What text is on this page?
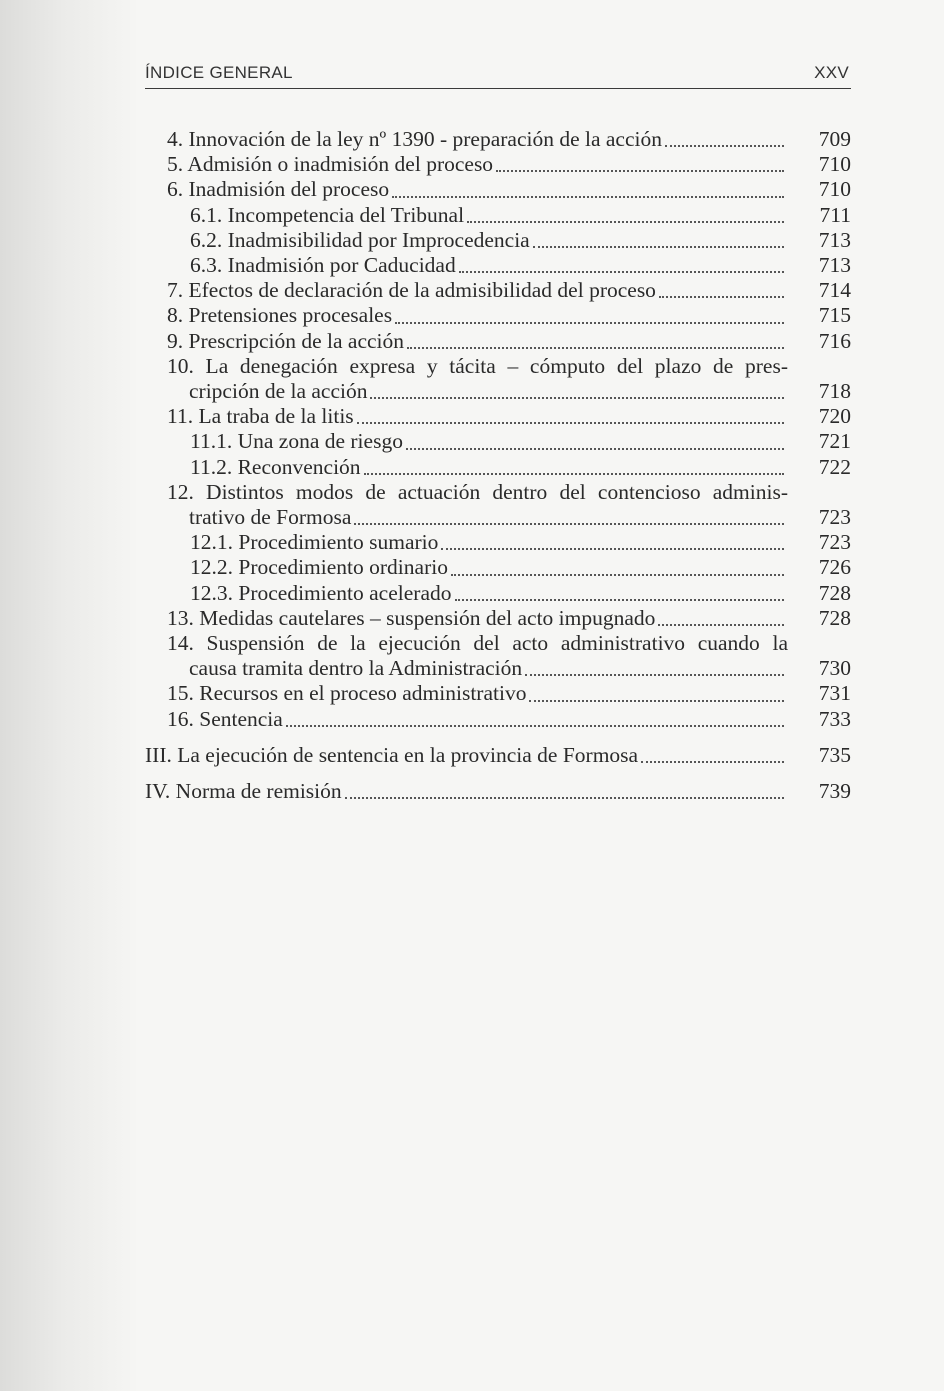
ÍNDICE GENERAL	XXV
4. Innovación de la ley nº 1390 - preparación de la acción	709
5. Admisión o inadmisión del proceso	710
6. Inadmisión del proceso	710
6.1. Incompetencia del Tribunal	711
6.2. Inadmisibilidad por Improcedencia	713
6.3. Inadmisión por Caducidad	713
7. Efectos de declaración de la admisibilidad del proceso	714
8. Pretensiones procesales	715
9. Prescripción de la acción	716
10. La denegación expresa y tácita – cómputo del plazo de pres-
cripción de la acción	718
11. La traba de la litis	720
11.1. Una zona de riesgo	721
11.2. Reconvención	722
12. Distintos modos de actuación dentro del contencioso adminis-
trativo de Formosa	723
12.1. Procedimiento sumario	723
12.2. Procedimiento ordinario	726
12.3. Procedimiento acelerado	728
13. Medidas cautelares – suspensión del acto impugnado	728
14. Suspensión de la ejecución del acto administrativo cuando la
causa tramita dentro la Administración	730
15. Recursos en el proceso administrativo	731
16. Sentencia	733
III. La ejecución de sentencia en la provincia de Formosa	735
IV. Norma de remisión	739
